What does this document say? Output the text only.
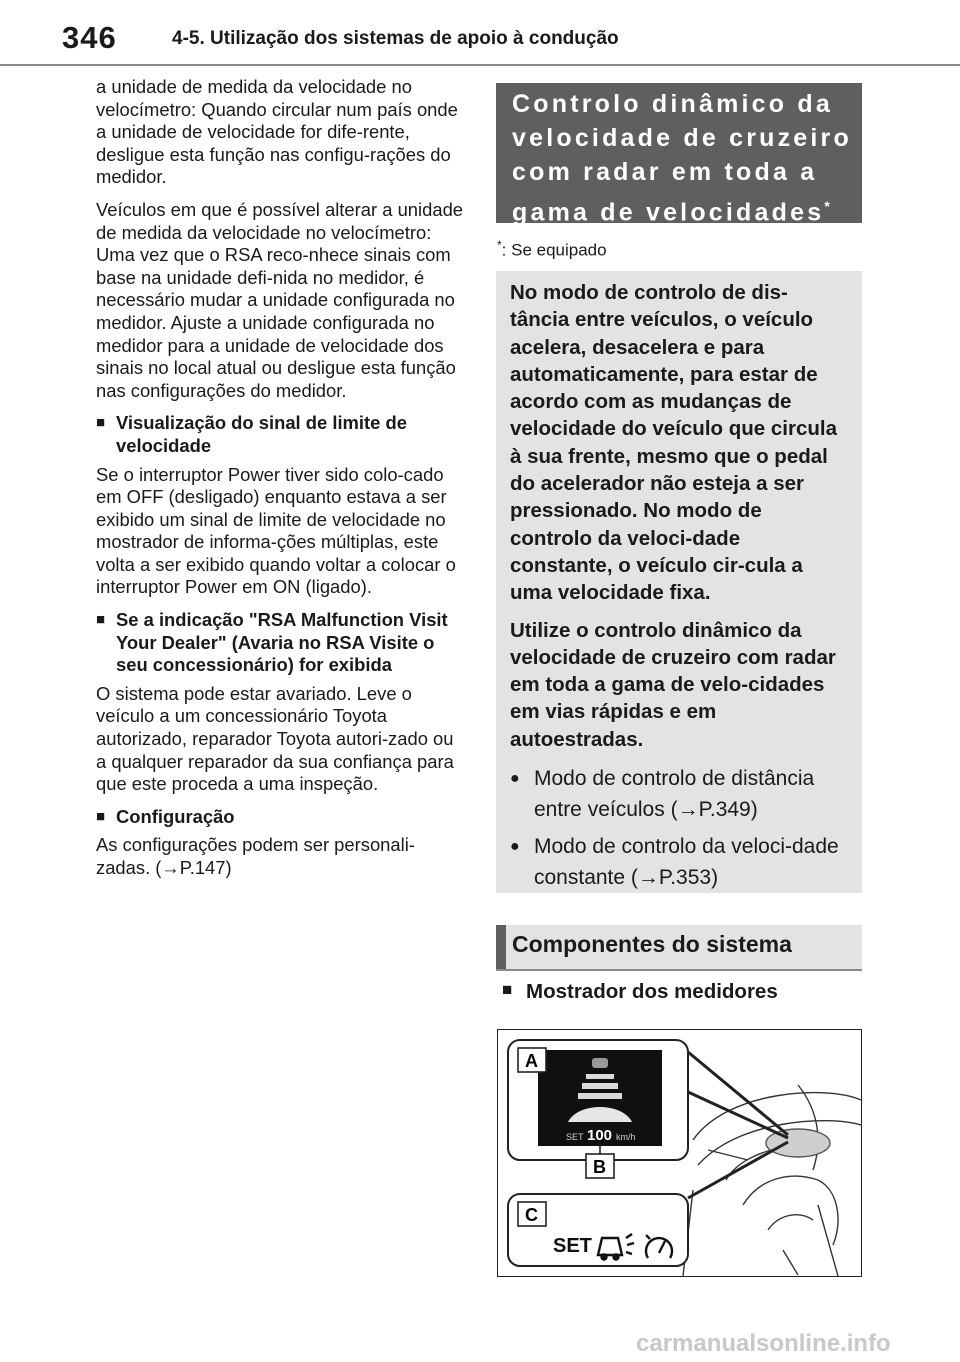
346	4-5. Utilização dos sistemas de apoio à condução

a unidade de medida da velocidade no velocímetro: Quando circular num país onde a unidade de velocidade for dife-rente, desligue esta função nas configu-rações do medidor.

Veículos em que é possível alterar a unidade de medida da velocidade no velocímetro: Uma vez que o RSA reco-nhece sinais com base na unidade defi-nida no medidor, é necessário mudar a unidade configurada no medidor. Ajuste a unidade configurada no medidor para a unidade de velocidade dos sinais no local atual ou desligue esta função nas configurações do medidor.

■ Visualização do sinal de limite de velocidade

Se o interruptor Power tiver sido colo-cado em OFF (desligado) enquanto estava a ser exibido um sinal de limite de velocidade no mostrador de informa-ções múltiplas, este volta a ser exibido quando voltar a colocar o interruptor Power em ON (ligado).

■ Se a indicação "RSA Malfunction Visit Your Dealer" (Avaria no RSA Visite o seu concessionário) for exibida

O sistema pode estar avariado. Leve o veículo a um concessionário Toyota autorizado, reparador Toyota autori-zado ou a qualquer reparador da sua confiança para que este proceda a uma inspeção.

■ Configuração

As configurações podem ser personali-zadas. (→P.147)

Controlo dinâmico da velocidade de cruzeiro com radar em toda a gama de velocidades*
*: Se equipado

No modo de controlo de dis-tância entre veículos, o veículo acelera, desacelera e para automaticamente, para estar de acordo com as mudanças de velocidade do veículo que circula à sua frente, mesmo que o pedal do acelerador não esteja a ser pressionado. No modo de controlo da veloci-dade constante, o veículo cir-cula a uma velocidade fixa.

Utilize o controlo dinâmico da velocidade de cruzeiro com radar em toda a gama de velo-cidades em vias rápidas e em autoestradas.

● Modo de controlo de distância entre veículos (→P.349)
● Modo de controlo da veloci-dade constante (→P.353)
Componentes do sistema
■ Mostrador dos medidores
SET 100 km/h
A
B
C
SET
carmanualsonline.info
